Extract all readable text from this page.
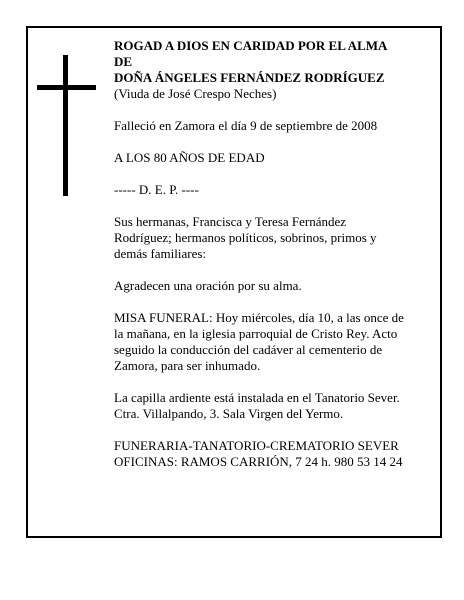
ROGAD A DIOS EN CARIDAD POR EL ALMA

DE

DOÑA ÁNGELES FERNÁNDEZ RODRÍGUEZ

(Viuda de José Crespo Neches)

Falleció en Zamora el día 9 de septiembre de 2008

A LOS 80 AÑOS DE EDAD

----- D. E. P. ----

Sus hermanas, Francisca y Teresa Fernández

Rodríguez; hermanos políticos, sobrinos, primos y

demás familiares:

Agradecen una oración por su alma.

MISA FUNERAL: Hoy miércoles, día 10, a las once de

la mañana, en la iglesia parroquial de Cristo Rey. Acto

seguido la conducción del cadáver al cementerio de

Zamora, para ser inhumado.

La capilla ardiente está instalada en el Tanatorio Sever.

Ctra. Villalpando, 3. Sala Virgen del Yermo.

FUNERARIA-TANATORIO-CREMATORIO SEVER

OFICINAS: RAMOS CARRIÓN, 7 24 h. 980 53 14 24
